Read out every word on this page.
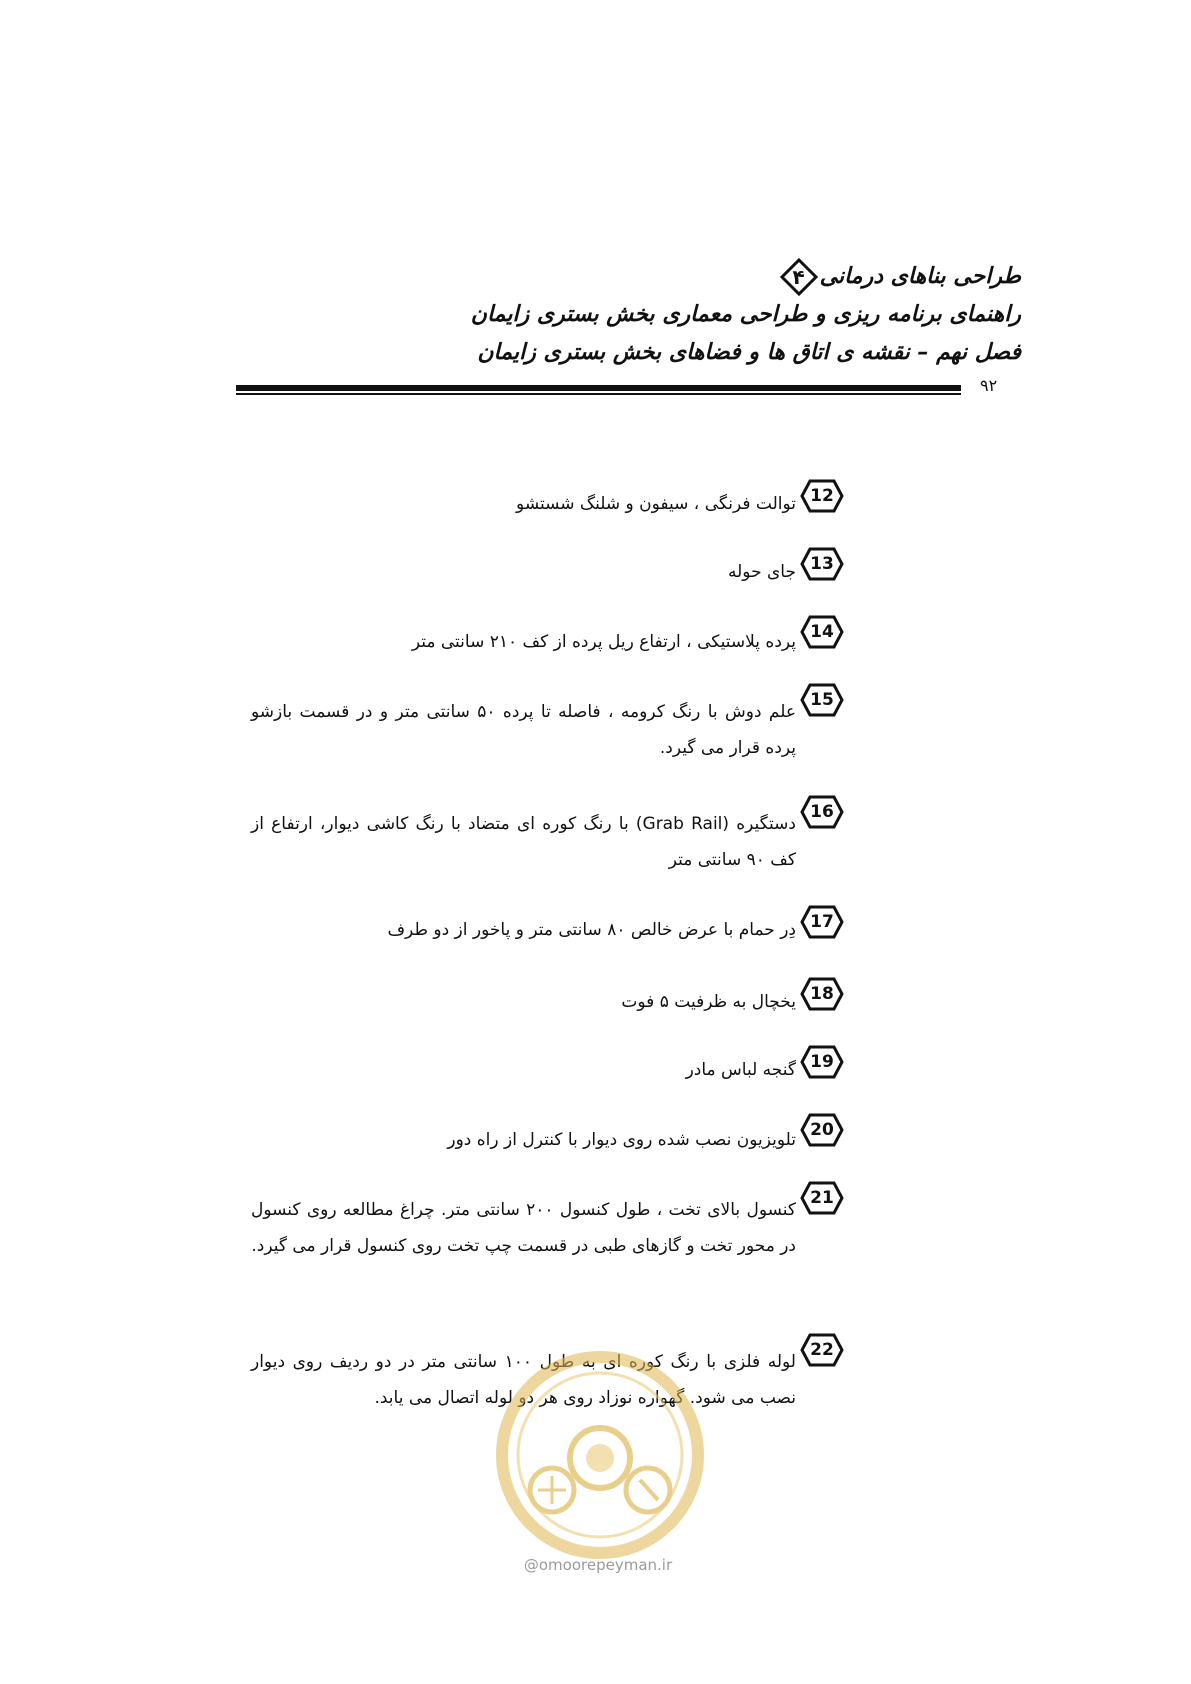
طراحی بناهای درمانی
۴
راهنمای برنامه ریزی و طراحی معماری بخش بستری زایمان
فصل نهم – نقشه ی اتاق ها و فضاهای بخش بستری زایمان
۹۲
12
توالت فرنگی ، سیفون و شلنگ شستشو
13
جای حوله
14
پرده پلاستیکی ، ارتفاع ریل پرده از کف ۲۱۰ سانتی متر
15
علم دوش با رنگ کرومه ، فاصله تا پرده ۵۰ سانتی متر و در قسمت بازشو پرده قرار می گیرد.
16
دستگیره (Grab Rail) با رنگ کوره ای متضاد با رنگ کاشی دیوار، ارتفاع از کف ۹۰ سانتی متر
17
دِر حمام با عرض خالص ۸۰ سانتی متر و پاخور از دو طرف
18
یخچال به ظرفیت ۵ فوت
19
گنجه لباس مادر
20
تلویزیون نصب شده روی دیوار با کنترل از راه دور
21
کنسول بالای تخت ، طول کنسول ۲۰۰ سانتی متر. چراغ مطالعه روی کنسول در محور تخت و گازهای طبی در قسمت چپ تخت روی کنسول قرار می گیرد.
22
لوله فلزی با رنگ کوره ای به طول ۱۰۰ سانتی متر در دو ردیف روی دیوار نصب می شود. گهواره نوزاد روی هر دو لوله اتصال می یابد.
@omoorepeyman.ir
